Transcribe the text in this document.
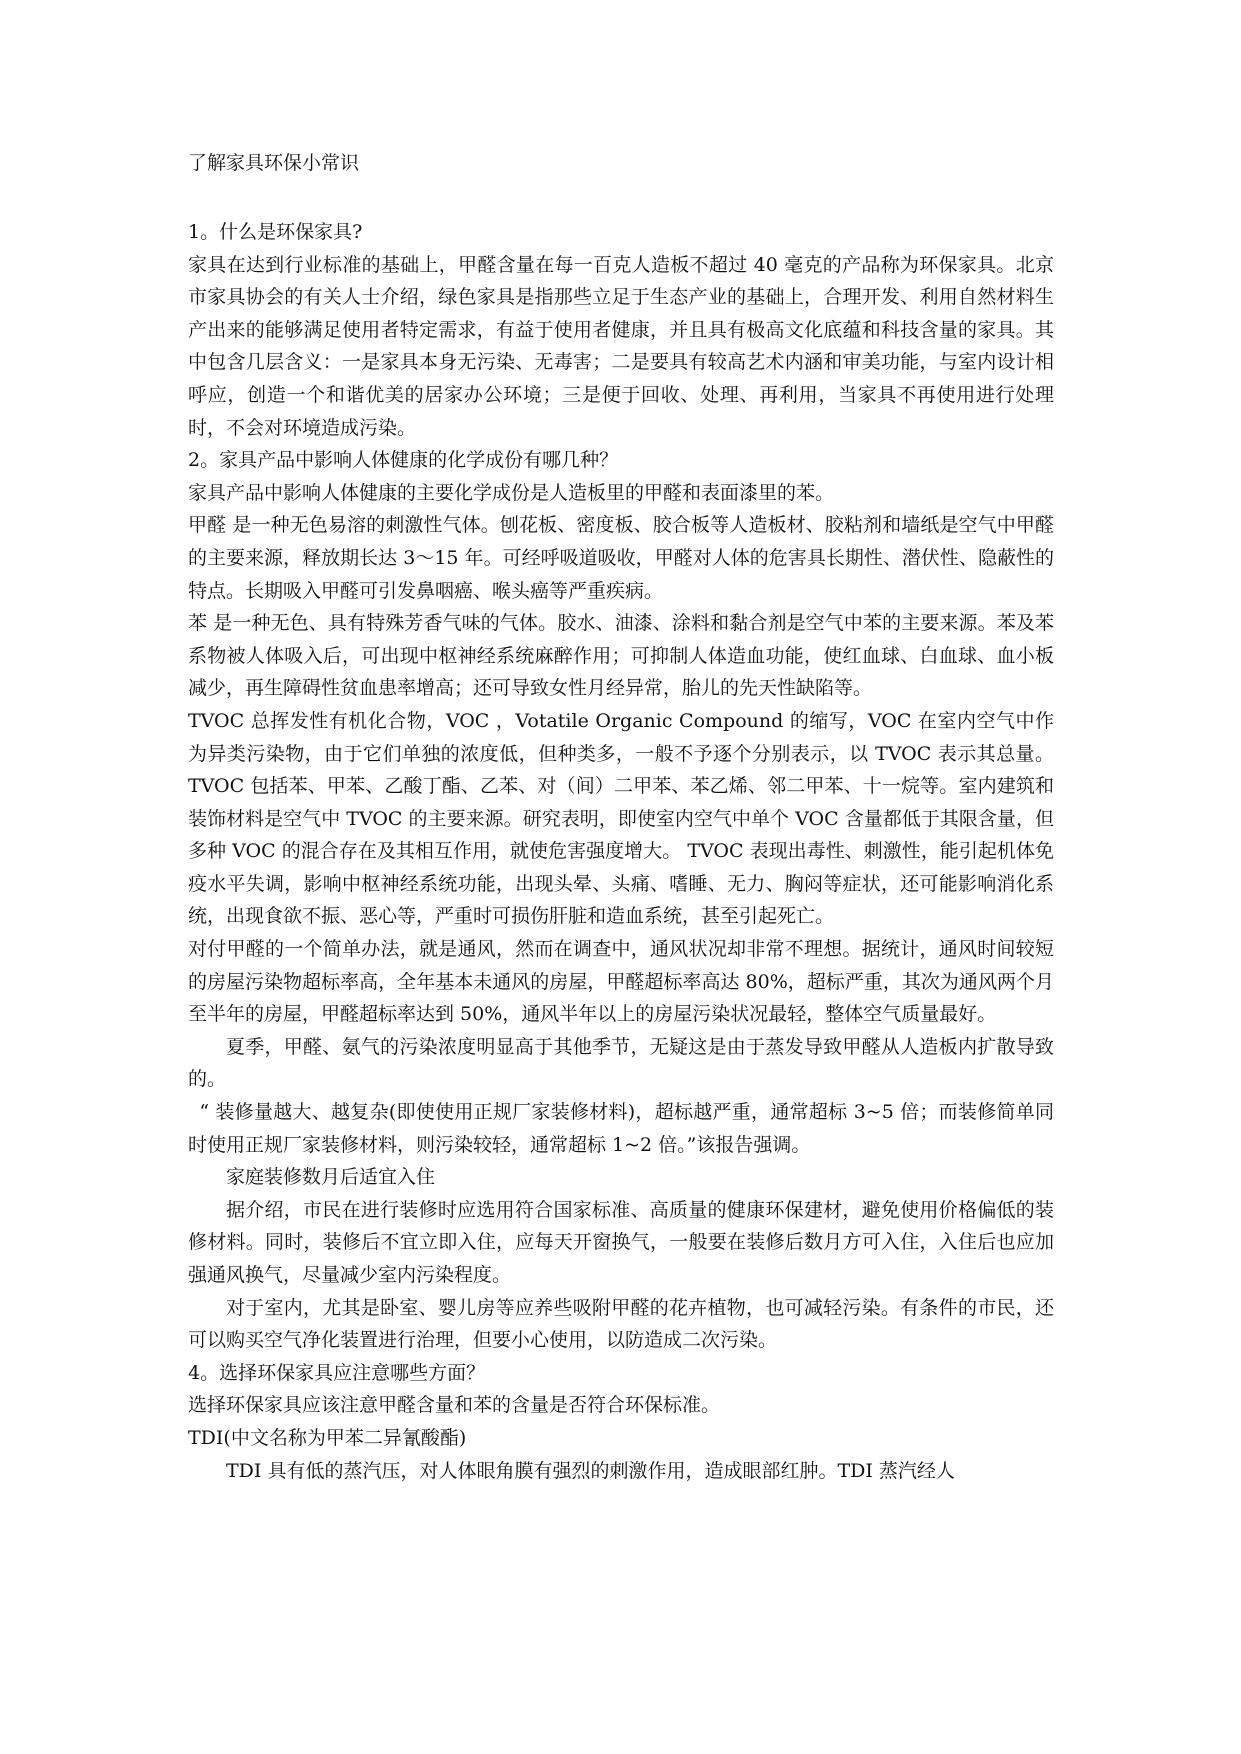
了解家具环保小常识

1。什么是环保家具?

家具在达到行业标准的基础上，甲醛含量在每一百克人造板不超过 40 毫克的产品称为环保家具。北京市家具协会的有关人士介绍，绿色家具是指那些立足于生态产业的基础上，合理开发、利用自然材料生产出来的能够满足使用者特定需求，有益于使用者健康，并且具有极高文化底蕴和科技含量的家具。其中包含几层含义：一是家具本身无污染、无毒害；二是要具有较高艺术内涵和审美功能，与室内设计相呼应，创造一个和谐优美的居家办公环境；三是便于回收、处理、再利用，当家具不再使用进行处理时，不会对环境造成污染。

2。家具产品中影响人体健康的化学成份有哪几种？

家具产品中影响人体健康的主要化学成份是人造板里的甲醛和表面漆里的苯。

甲醛 是一种无色易溶的刺激性气体。刨花板、密度板、胶合板等人造板材、胶粘剂和墙纸是空气中甲醛的主要来源，释放期长达 3～15 年。可经呼吸道吸收，甲醛对人体的危害具长期性、潜伏性、隐蔽性的特点。长期吸入甲醛可引发鼻咽癌、喉头癌等严重疾病。

苯 是一种无色、具有特殊芳香气味的气体。胶水、油漆、涂料和黏合剂是空气中苯的主要来源。苯及苯系物被人体吸入后，可出现中枢神经系统麻醉作用；可抑制人体造血功能，使红血球、白血球、血小板减少，再生障碍性贫血患率增高；还可导致女性月经异常，胎儿的先天性缺陷等。

TVOC 总挥发性有机化合物，VOC ，Votatile Organic Compound 的缩写，VOC 在室内空气中作为异类污染物，由于它们单独的浓度低，但种类多，一般不予逐个分别表示，以 TVOC 表示其总量。 TVOC 包括苯、甲苯、乙酸丁酯、乙苯、对（间）二甲苯、苯乙烯、邻二甲苯、十一烷等。室内建筑和装饰材料是空气中 TVOC 的主要来源。研究表明，即使室内空气中单个 VOC 含量都低于其限含量，但多种 VOC 的混合存在及其相互作用，就使危害强度增大。 TVOC 表现出毒性、刺激性，能引起机体免疫水平失调，影响中枢神经系统功能，出现头晕、头痛、嗜睡、无力、胸闷等症状，还可能影响消化系统，出现食欲不振、恶心等，严重时可损伤肝脏和造血系统，甚至引起死亡。

对付甲醛的一个简单办法，就是通风，然而在调查中，通风状况却非常不理想。据统计，通风时间较短的房屋污染物超标率高，全年基本未通风的房屋，甲醛超标率高达 80%，超标严重，其次为通风两个月至半年的房屋，甲醛超标率达到 50%，通风半年以上的房屋污染状况最轻，整体空气质量最好。

夏季，甲醛、氨气的污染浓度明显高于其他季节，无疑这是由于蒸发导致甲醛从人造板内扩散导致的。

“ 装修量越大、越复杂(即使使用正规厂家装修材料)，超标越严重，通常超标 3~5 倍；而装修简单同时使用正规厂家装修材料，则污染较轻，通常超标 1~2 倍。”该报告强调。

家庭装修数月后适宜入住

据介绍，市民在进行装修时应选用符合国家标准、高质量的健康环保建材，避免使用价格偏低的装修材料。同时，装修后不宜立即入住，应每天开窗换气，一般要在装修后数月方可入住，入住后也应加强通风换气，尽量减少室内污染程度。

对于室内，尤其是卧室、婴儿房等应养些吸附甲醛的花卉植物，也可减轻污染。有条件的市民，还可以购买空气净化装置进行治理，但要小心使用，以防造成二次污染。

4。选择环保家具应注意哪些方面？

选择环保家具应该注意甲醛含量和苯的含量是否符合环保标准。

TDI(中文名称为甲苯二异氰酸酯)

TDI 具有低的蒸汽压，对人体眼角膜有强烈的刺激作用，造成眼部红肿。TDI 蒸汽经人
